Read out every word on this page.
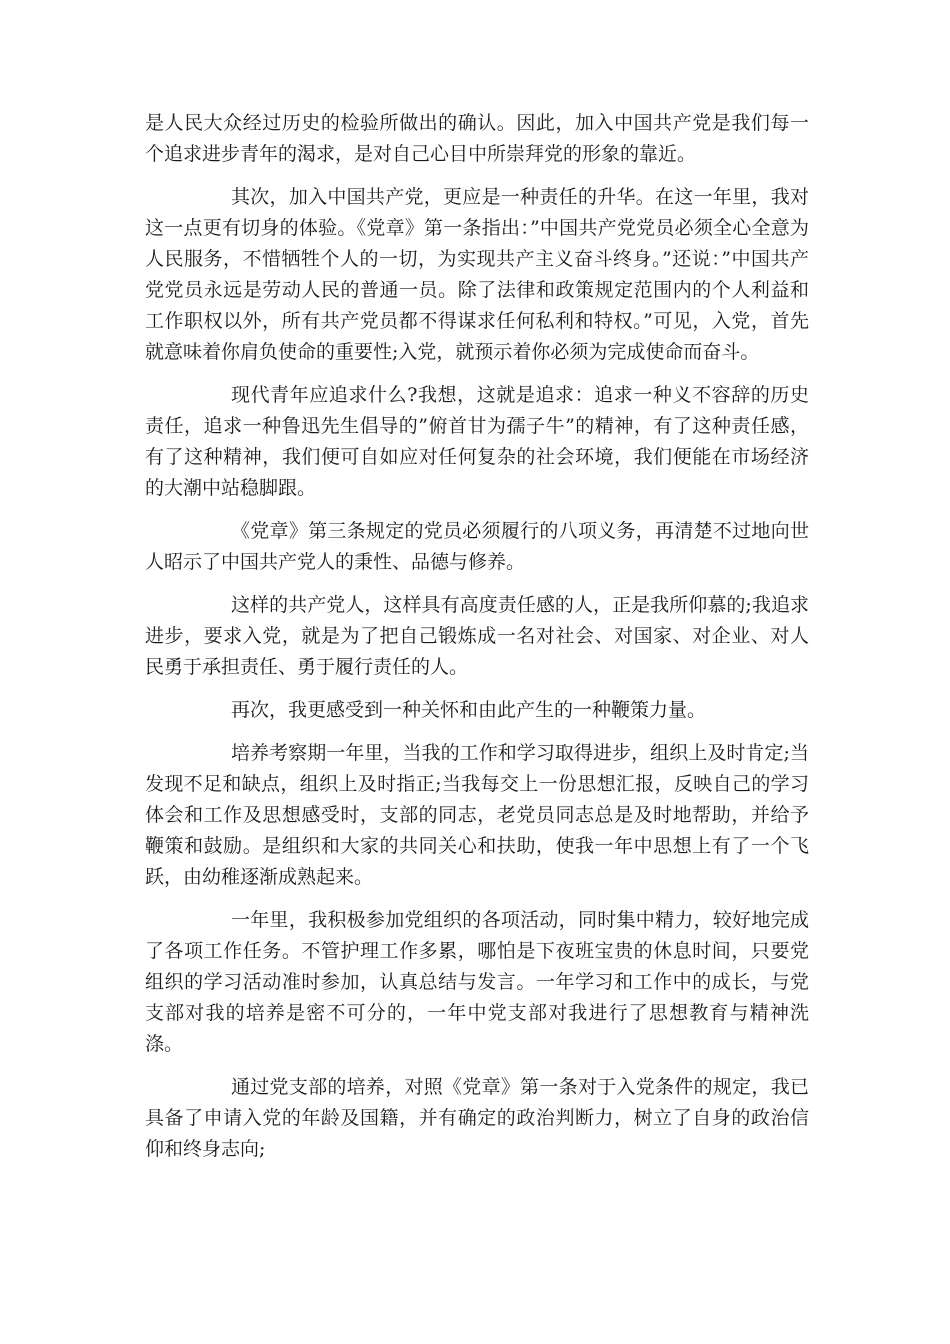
是人民大众经过历史的检验所做出的确认。因此，加入中国共产党是我们每一个追求进步青年的渴求，是对自己心目中所崇拜党的形象的靠近。

其次，加入中国共产党，更应是一种责任的升华。在这一年里，我对这一点更有切身的体验。《党章》第一条指出：”中国共产党党员必须全心全意为人民服务，不惜牺牲个人的一切，为实现共产主义奋斗终身。”还说：”中国共产党党员永远是劳动人民的普通一员。除了法律和政策规定范围内的个人利益和工作职权以外，所有共产党员都不得谋求任何私利和特权。”可见，入党，首先就意味着你肩负使命的重要性;入党，就预示着你必须为完成使命而奋斗。

现代青年应追求什么?我想，这就是追求：追求一种义不容辞的历史责任，追求一种鲁迅先生倡导的”俯首甘为孺子牛”的精神，有了这种责任感，有了这种精神，我们便可自如应对任何复杂的社会环境，我们便能在市场经济的大潮中站稳脚跟。

《党章》第三条规定的党员必须履行的八项义务，再清楚不过地向世人昭示了中国共产党人的秉性、品德与修养。

这样的共产党人，这样具有高度责任感的人，正是我所仰慕的;我追求进步，要求入党，就是为了把自己锻炼成一名对社会、对国家、对企业、对人民勇于承担责任、勇于履行责任的人。

再次，我更感受到一种关怀和由此产生的一种鞭策力量。

培养考察期一年里，当我的工作和学习取得进步，组织上及时肯定;当发现不足和缺点，组织上及时指正;当我每交上一份思想汇报，反映自己的学习体会和工作及思想感受时，支部的同志，老党员同志总是及时地帮助，并给予鞭策和鼓励。是组织和大家的共同关心和扶助，使我一年中思想上有了一个飞跃，由幼稚逐渐成熟起来。

一年里，我积极参加党组织的各项活动，同时集中精力，较好地完成了各项工作任务。不管护理工作多累，哪怕是下夜班宝贵的休息时间，只要党组织的学习活动准时参加，认真总结与发言。一年学习和工作中的成长，与党支部对我的培养是密不可分的，一年中党支部对我进行了思想教育与精神洗涤。

通过党支部的培养，对照《党章》第一条对于入党条件的规定，我已具备了申请入党的年龄及国籍，并有确定的政治判断力，树立了自身的政治信仰和终身志向;
